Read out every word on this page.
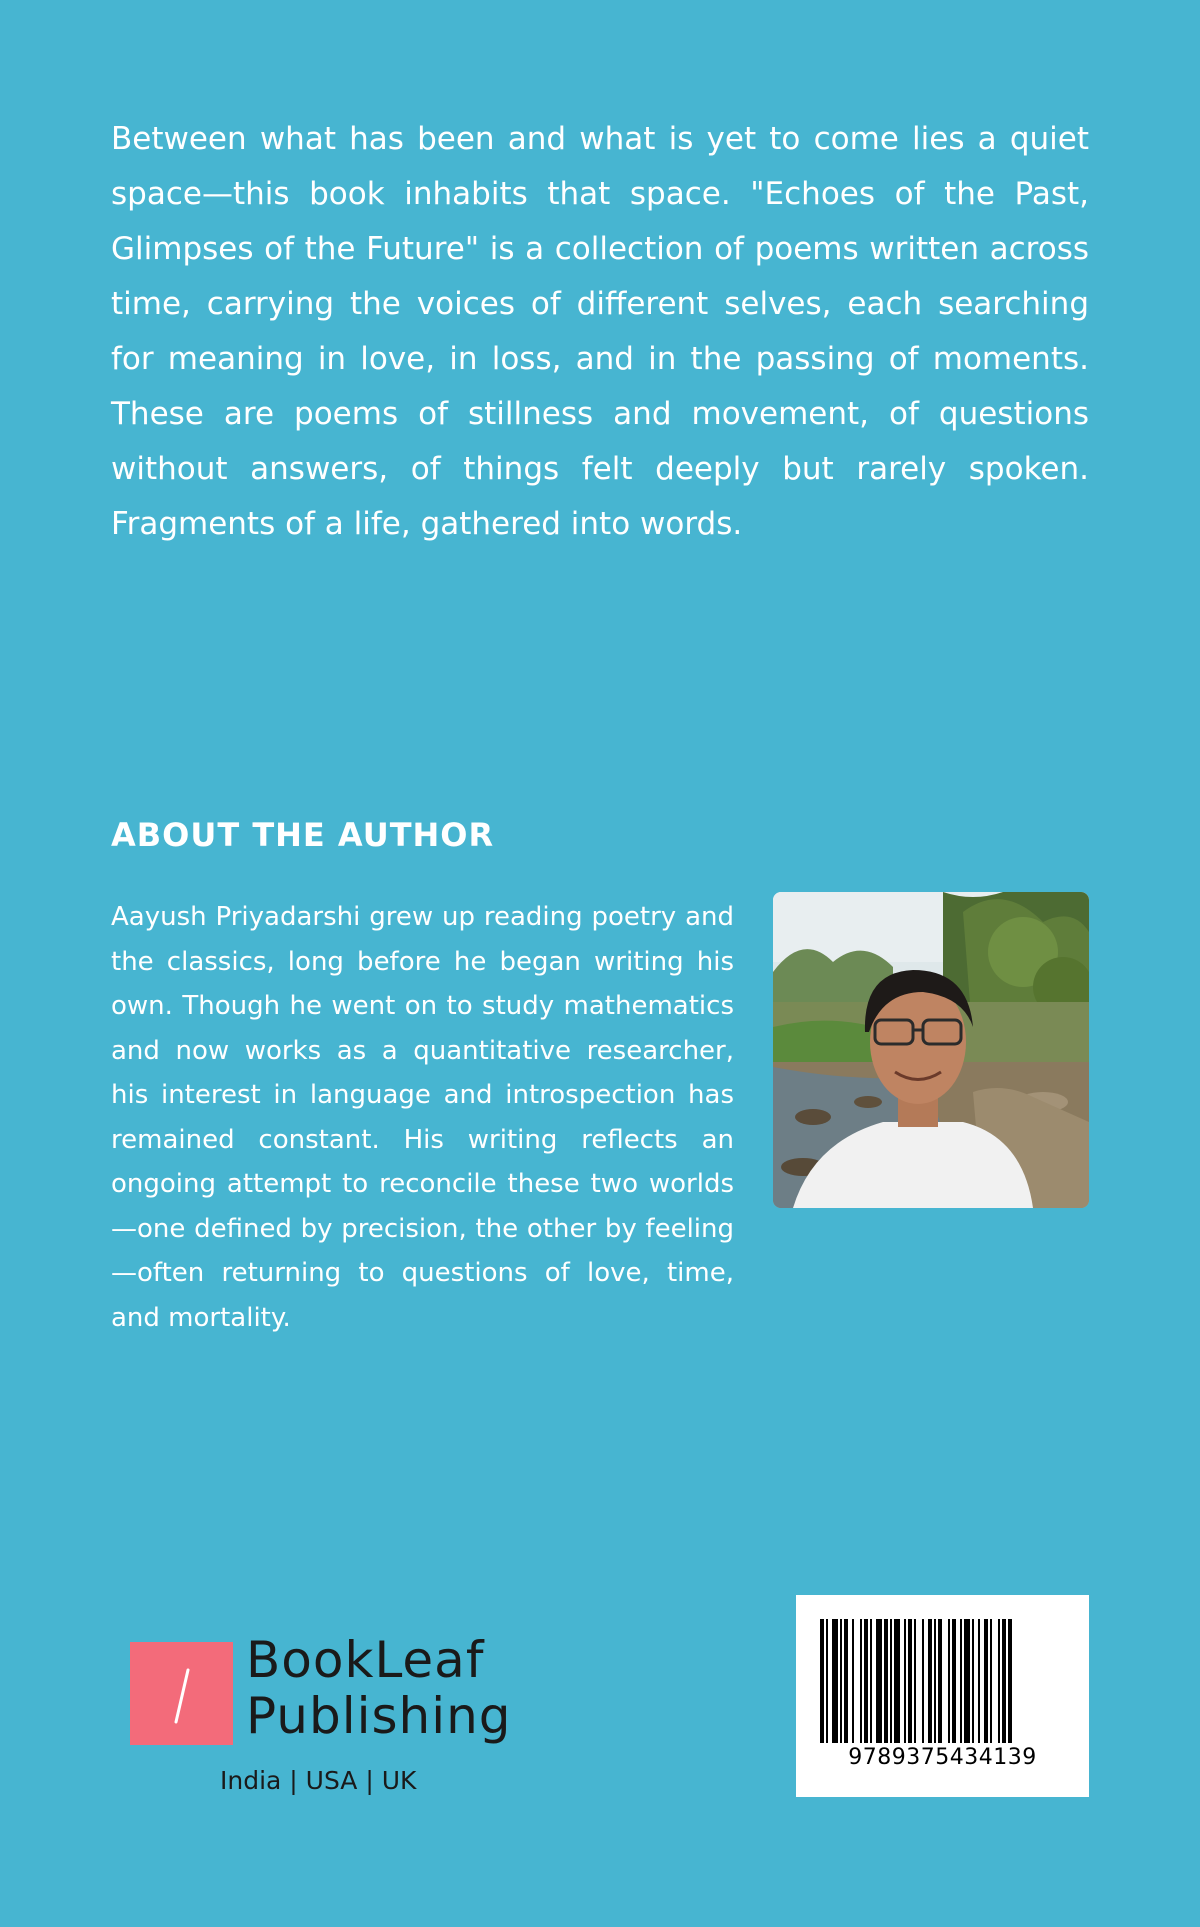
Between what has been and what is yet to come lies a quiet space—this book inhabits that space. "Echoes of the Past, Glimpses of the Future" is a collection of poems written across time, carrying the voices of different selves, each searching for meaning in love, in loss, and in the passing of moments. These are poems of stillness and movement, of questions without answers, of things felt deeply but rarely spoken. Fragments of a life, gathered into words.

ABOUT THE AUTHOR

Aayush Priyadarshi grew up reading poetry and the classics, long before he began writing his own. Though he went on to study mathematics and now works as a quantitative researcher, his interest in language and introspection has remained constant. His writing reflects an ongoing attempt to reconcile these two worlds—one defined by precision, the other by feeling—often returning to questions of love, time, and mortality.

BookLeaf
Publishing
India | USA | UK
9789375434139
